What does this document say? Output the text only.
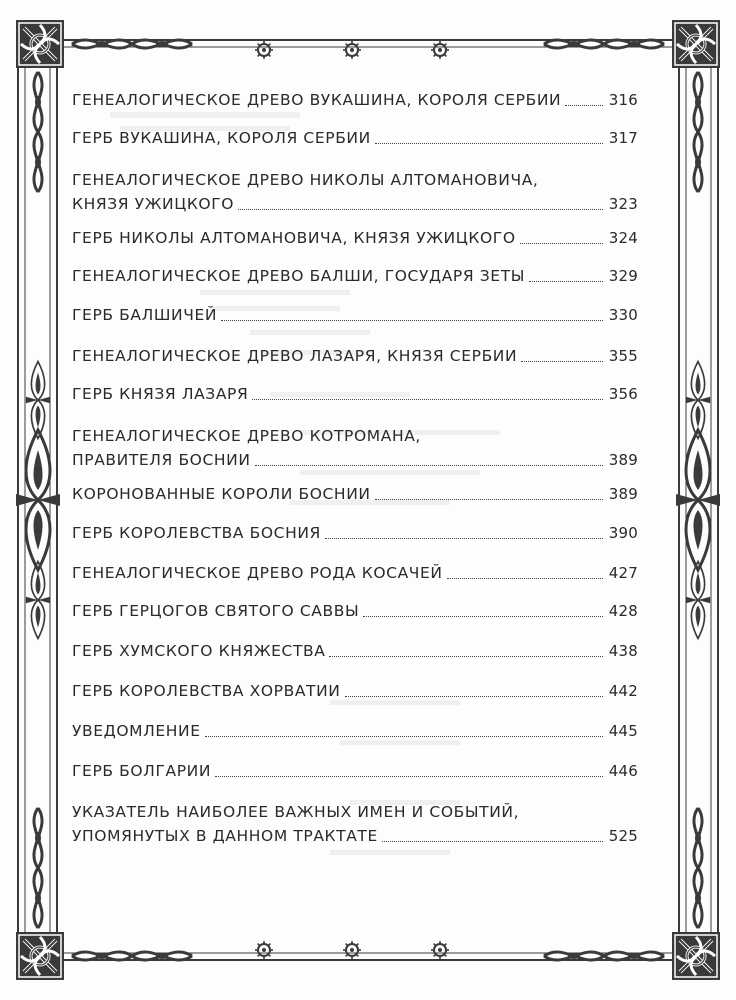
ГЕНЕАЛОГИЧЕСКОЕ ДРЕВО ВУКАШИНА, КОРОЛЯ СЕРБИИ	316
ГЕРБ ВУКАШИНА, КОРОЛЯ СЕРБИИ	317
ГЕНЕАЛОГИЧЕСКОЕ ДРЕВО НИКОЛЫ АЛТОМАНОВИЧА,
КНЯЗЯ УЖИЦКОГО	323
ГЕРБ НИКОЛЫ АЛТОМАНОВИЧА, КНЯЗЯ УЖИЦКОГО	324
ГЕНЕАЛОГИЧЕСКОЕ ДРЕВО БАЛШИ, ГОСУДАРЯ ЗЕТЫ	329
ГЕРБ БАЛШИЧЕЙ	330
ГЕНЕАЛОГИЧЕСКОЕ ДРЕВО ЛАЗАРЯ, КНЯЗЯ СЕРБИИ	355
ГЕРБ КНЯЗЯ ЛАЗАРЯ	356
ГЕНЕАЛОГИЧЕСКОЕ ДРЕВО КОТРОМАНА,
ПРАВИТЕЛЯ БОСНИИ	389
КОРОНОВАННЫЕ КОРОЛИ БОСНИИ	389
ГЕРБ КОРОЛЕВСТВА БОСНИЯ	390
ГЕНЕАЛОГИЧЕСКОЕ ДРЕВО РОДА КОСАЧЕЙ	427
ГЕРБ ГЕРЦОГОВ СВЯТОГО САВВЫ	428
ГЕРБ ХУМСКОГО КНЯЖЕСТВА	438
ГЕРБ КОРОЛЕВСТВА ХОРВАТИИ	442
УВЕДОМЛЕНИЕ	445
ГЕРБ БОЛГАРИИ	446
УКАЗАТЕЛЬ НАИБОЛЕЕ ВАЖНЫХ ИМЕН И СОБЫТИЙ,
УПОМЯНУТЫХ В ДАННОМ ТРАКТАТЕ	525
